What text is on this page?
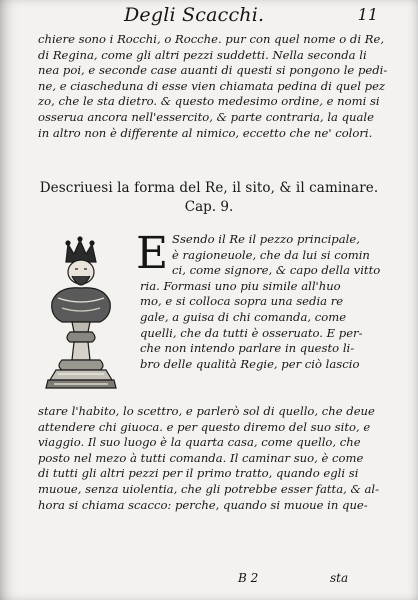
Degli Scacchi.	11
chiere sono i Rocchi, o Rocche. pur con quel nome o di Re,
di Regina, come gli altri pezzi suddetti. Nella seconda li
nea poi, e seconde case auanti di questi si pongono le pedi-
ne, e ciascheduna di esse vien chiamata pedina di quel pez
zo, che le sta dietro. & questo medesimo ordine, e nomi si
osserua ancora nell'essercito, & parte contraria, la quale
in altro non è differente al nimico, eccetto che ne' colori.
Descriuesi la forma del Re, il sito, & il caminare.
Cap. 9.
E Ssendo il Re il pezzo principale,
è ragioneuole, che da lui si comin
ci, come signore, & capo della vitto
ria. Formasi uno piu simile all'huo
mo, e si colloca sopra una sedia re
gale, a guisa di chi comanda, come
quelli, che da tutti è osseruato. E per-
che non intendo parlare in questo li-
bro delle qualità Regie, per ciò lascio
stare l'habito, lo scettro, e parlerò sol di quello, che deue
attendere chi giuoca. e per questo diremo del suo sito, e
viaggio. Il suo luogo è la quarta casa, come quello, che
posto nel mezo à tutti comanda. Il caminar suo, è come
di tutti gli altri pezzi per il primo tratto, quando egli si
muoue, senza uiolentia, che gli potrebbe esser fatta, & al-
hora si chiama scacco: perche, quando si muoue in que-
B 2	sta
